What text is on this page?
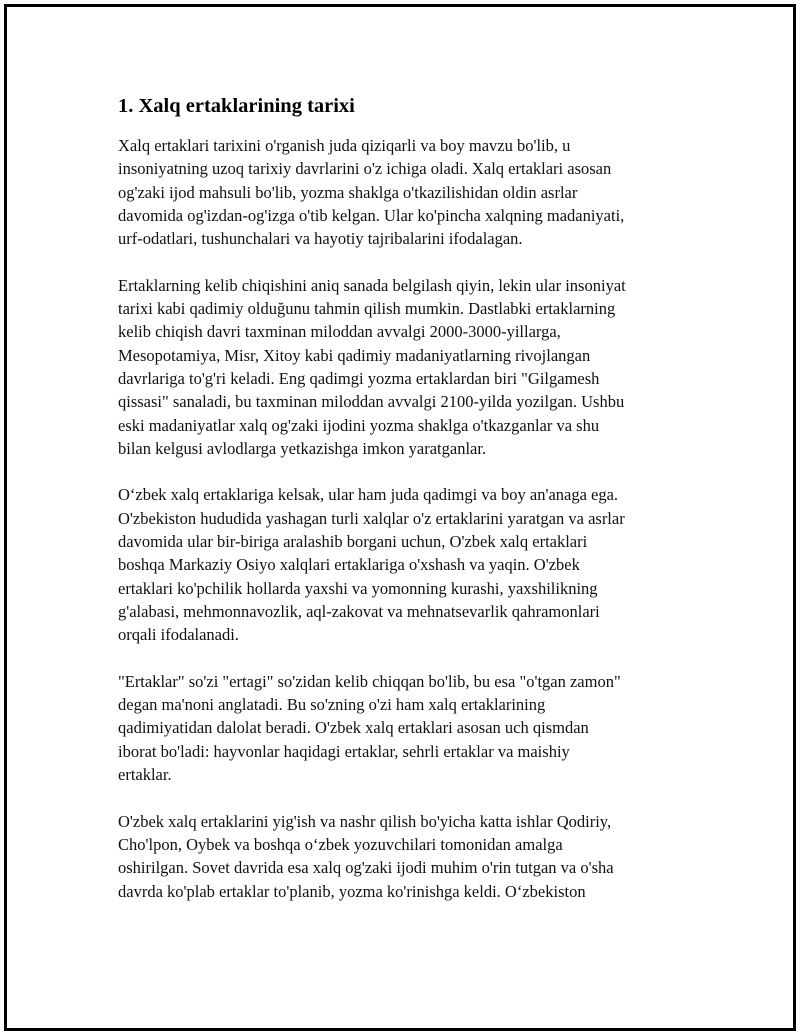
1. Xalq ertaklarining tarixi
Xalq ertaklari tarixini o'rganish juda qiziqarli va boy mavzu bo'lib, u
insoniyatning uzoq tarixiy davrlarini o'z ichiga oladi. Xalq ertaklari asosan
og'zaki ijod mahsuli bo'lib, yozma shaklga o'tkazilishidan oldin asrlar
davomida og'izdan-og'izga o'tib kelgan. Ular ko'pincha xalqning madaniyati,
urf-odatlari, tushunchalari va hayotiy tajribalarini ifodalagan.
Ertaklarning kelib chiqishini aniq sanada belgilash qiyin, lekin ular insoniyat
tarixi kabi qadimiy olduğunu tahmin qilish mumkin. Dastlabki ertaklarning
kelib chiqish davri taxminan miloddan avvalgi 2000-3000-yillarga,
Mesopotamiya, Misr, Xitoy kabi qadimiy madaniyatlarning rivojlangan
davrlariga to'g'ri keladi. Eng qadimgi yozma ertaklardan biri "Gilgamesh
qissasi" sanaladi, bu taxminan miloddan avvalgi 2100-yilda yozilgan. Ushbu
eski madaniyatlar xalq og'zaki ijodini yozma shaklga o'tkazganlar va shu
bilan kelgusi avlodlarga yetkazishga imkon yaratganlar.
O‘zbek xalq ertaklariga kelsak, ular ham juda qadimgi va boy an'anaga ega.
O'zbekiston hududida yashagan turli xalqlar o'z ertaklarini yaratgan va asrlar
davomida ular bir-biriga aralashib borgani uchun, O'zbek xalq ertaklari
boshqa Markaziy Osiyo xalqlari ertaklariga o'xshash va yaqin. O'zbek
ertaklari ko'pchilik hollarda yaxshi va yomonning kurashi, yaxshilikning
g'alabasi, mehmonnavozlik, aql-zakovat va mehnatsevarlik qahramonlari
orqali ifodalanadi.
"Ertaklar" so'zi "ertagi" so'zidan kelib chiqqan bo'lib, bu esa "o'tgan zamon"
degan ma'noni anglatadi. Bu so'zning o'zi ham xalq ertaklarining
qadimiyatidan dalolat beradi. O'zbek xalq ertaklari asosan uch qismdan
iborat bo'ladi: hayvonlar haqidagi ertaklar, sehrli ertaklar va maishiy
ertaklar.
O'zbek xalq ertaklarini yig'ish va nashr qilish bo'yicha katta ishlar Qodiriy,
Cho'lpon, Oybek va boshqa o‘zbek yozuvchilari tomonidan amalga
oshirilgan. Sovet davrida esa xalq og'zaki ijodi muhim o'rin tutgan va o'sha
davrda ko'plab ertaklar to'planib, yozma ko'rinishga keldi. O‘zbekiston
